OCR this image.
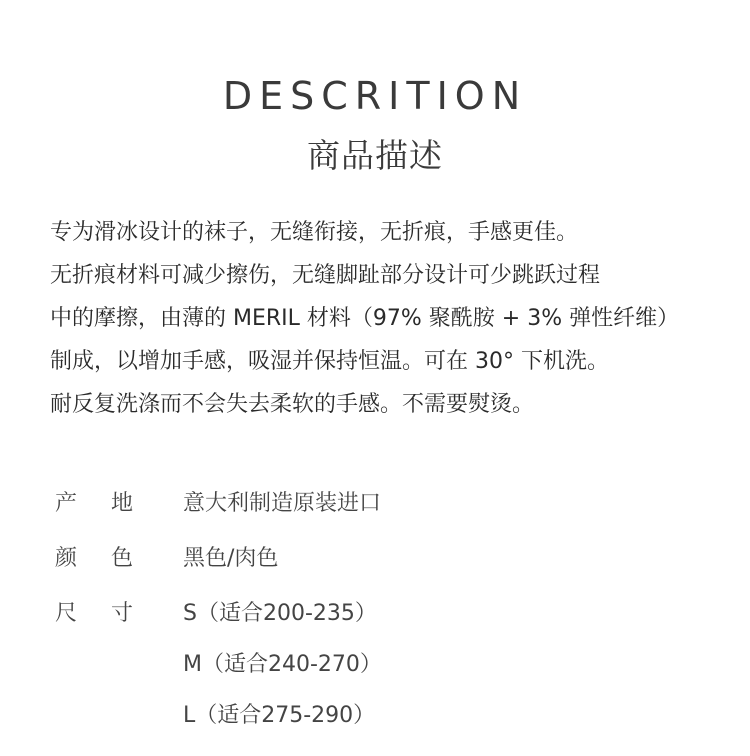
DESCRITION
商品描述
专为滑冰设计的袜子，无缝衔接，无折痕，手感更佳。
无折痕材料可减少擦伤，无缝脚趾部分设计可少跳跃过程
中的摩擦，由薄的 MERIL 材料（97% 聚酰胺 + 3% 弹性纤维）
制成，以增加手感，吸湿并保持恒温。可在 30° 下机洗。
耐反复洗涤而不会失去柔软的手感。不需要熨烫。
产地 意大利制造原装进口
颜色 黑色/肉色
尺寸 S（适合200-235）
M（适合240-270）
L（适合275-290）
